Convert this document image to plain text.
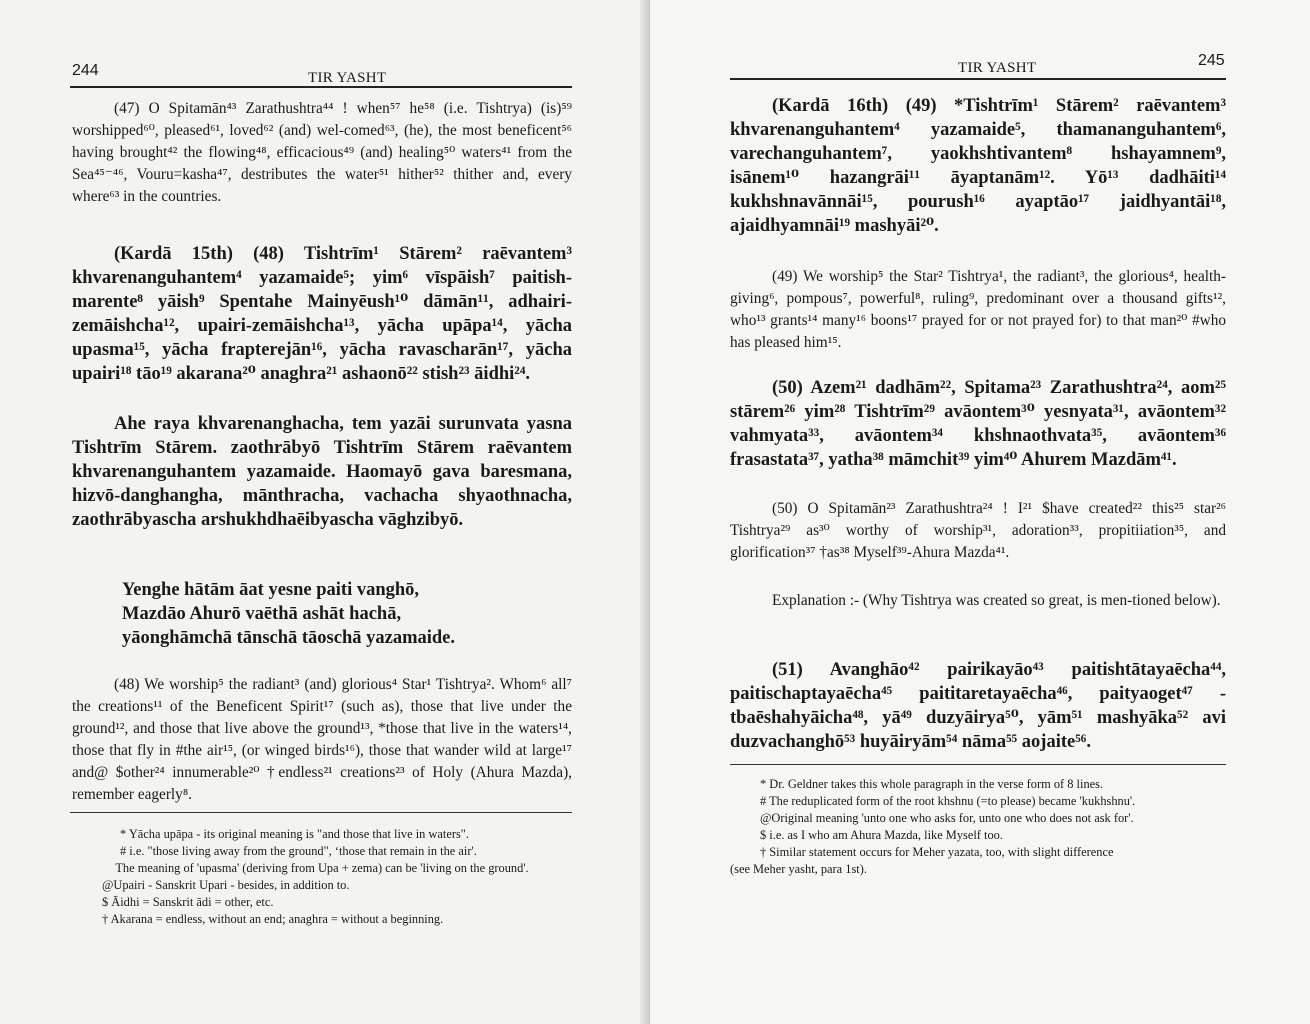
244	TIR YASHT
(47) O Spitamān⁴³ Zarathushtra⁴⁴ ! when⁵⁷ he⁵⁸ (i.e. Tishtrya) (is)⁵⁹ worshipped⁶⁰, pleased⁶¹, loved⁶² (and) wel-comed⁶³, (he), the most beneficent⁵⁶ having brought⁴² the flowing⁴⁸, efficacious⁴⁹ (and) healing⁵⁰ waters⁴¹ from the Sea⁴⁵⁻⁴⁶, Vouru=kasha⁴⁷, destributes the water⁵¹ hither⁵² thither and, every where⁶³ in the countries.
(Kardā 15th) (48) Tishtrīm¹ Stārem² raēvantem³ khvarenanguhantem⁴ yazamaide⁵; yim⁶ vīspāish⁷ paitish-marente⁸ yāish⁹ Spentahe Mainyēush¹⁰ dāmān¹¹, adhairi-zemāishcha¹², upairi-zemāishcha¹³, yācha upāpa¹⁴, yācha upasma¹⁵, yācha frapterejān¹⁶, yācha ravascharān¹⁷, yācha upairi¹⁸ tāo¹⁹ akarana²⁰ anaghra²¹ ashaonō²² stish²³ āidhi²⁴.
Ahe raya khvarenanghacha, tem yazāi surunvata yasna Tishtrīm Stārem. zaothrābyō Tishtrīm Stārem raēvantem khvarenanguhantem yazamaide. Haomayō gava baresmana, hizvō-danghangha, mānthracha, vachacha shyaothnacha, zaothrābyascha arshukhdhaēibyascha vāghzibyō.
Yenghe hātām āat yesne paiti vanghō,
Mazdāo Ahurō vaēthā ashāt hachā,
yāonghāmchā tānschā tāoschā yazamaide.
(48) We worship⁵ the radiant³ (and) glorious⁴ Star¹ Tishtrya². Whom⁶ all⁷ the creations¹¹ of the Beneficent Spirit¹⁷ (such as), those that live under the ground¹², and those that live above the ground¹³, *those that live in the waters¹⁴, those that fly in #the air¹⁵, (or winged birds¹⁶), those that wander wild at large¹⁷ and@ $other²⁴ innumerable²⁰ †endless²¹ creations²³ of Holy (Ahura Mazda), remember eagerly⁸.
* Yācha upāpa - its original meaning is "and those that live in waters".
# i.e. "those living away from the ground", ʻthose that remain in the air'.
The meaning of 'upasma' (deriving from Upa + zema) can be 'living on the ground'.
@Upairi - Sanskrit Upari - besides, in addition to.
$ Āidhi = Sanskrit ādi = other, etc.
† Akarana = endless, without an end; anaghra = without a beginning.
TIR YASHT	245
(Kardā 16th) (49) *Tishtrīm¹ Stārem² raēvantem³ khvarenanguhantem⁴ yazamaide⁵, thamananguhantem⁶, varechanguhantem⁷, yaokhshtivantem⁸ hshayamnem⁹, isānem¹⁰ hazangrāi¹¹ āyaptanām¹². Yō¹³ dadhāiti¹⁴ kukhshnavānnāi¹⁵, pourush¹⁶ ayaptāo¹⁷ jaidhyantāi¹⁸, ajaidhyamnāi¹⁹ mashyāi²⁰.
(49) We worship⁵ the Star² Tishtrya¹, the radiant³, the glorious⁴, health-giving⁶, pompous⁷, powerful⁸, ruling⁹, predominant over a thousand gifts¹², who¹³ grants¹⁴ many¹⁶ boons¹⁷ prayed for or not prayed for) to that man²⁰ #who has pleased him¹⁵.
(50) Azem²¹ dadhām²², Spitama²³ Zarathushtra²⁴, aom²⁵ stārem²⁶ yim²⁸ Tishtrīm²⁹ avāontem³⁰ yesnyata³¹, avāontem³² vahmyata³³, avāontem³⁴ khshnaothvata³⁵, avāontem³⁶ frasastata³⁷, yatha³⁸ māmchit³⁹ yim⁴⁰ Ahurem Mazdām⁴¹.
(50) O Spitamān²³ Zarathushtra²⁴ ! I²¹ $have created²² this²⁵ star²⁶ Tishtrya²⁹ as³⁰ worthy of worship³¹, adoration³³, propitiiation³⁵, and glorification³⁷ †as³⁸ Myself³⁹-Ahura Mazda⁴¹.
Explanation :- (Why Tishtrya was created so great, is men-tioned below).
(51) Avanghāo⁴² pairikayāo⁴³ paitishtātayaēcha⁴⁴, paitischaptayaēcha⁴⁵ paititaretayaēcha⁴⁶, paityaoget⁴⁷ - tbaēshahyāicha⁴⁸, yā⁴⁹ duzyāirya⁵⁰, yām⁵¹ mashyāka⁵² avi duzvachanghō⁵³ huyāiryām⁵⁴ nāma⁵⁵ aojaite⁵⁶.
* Dr. Geldner takes this whole paragraph in the verse form of 8 lines.
# The reduplicated form of the root khshnu (=to please) became 'kukhshnu'.
@Original meaning 'unto one who asks for, unto one who does not ask for'.
$ i.e. as I who am Ahura Mazda, like Myself too.
† Similar statement occurs for Meher yazata, too, with slight difference
(see Meher yasht, para 1st).
